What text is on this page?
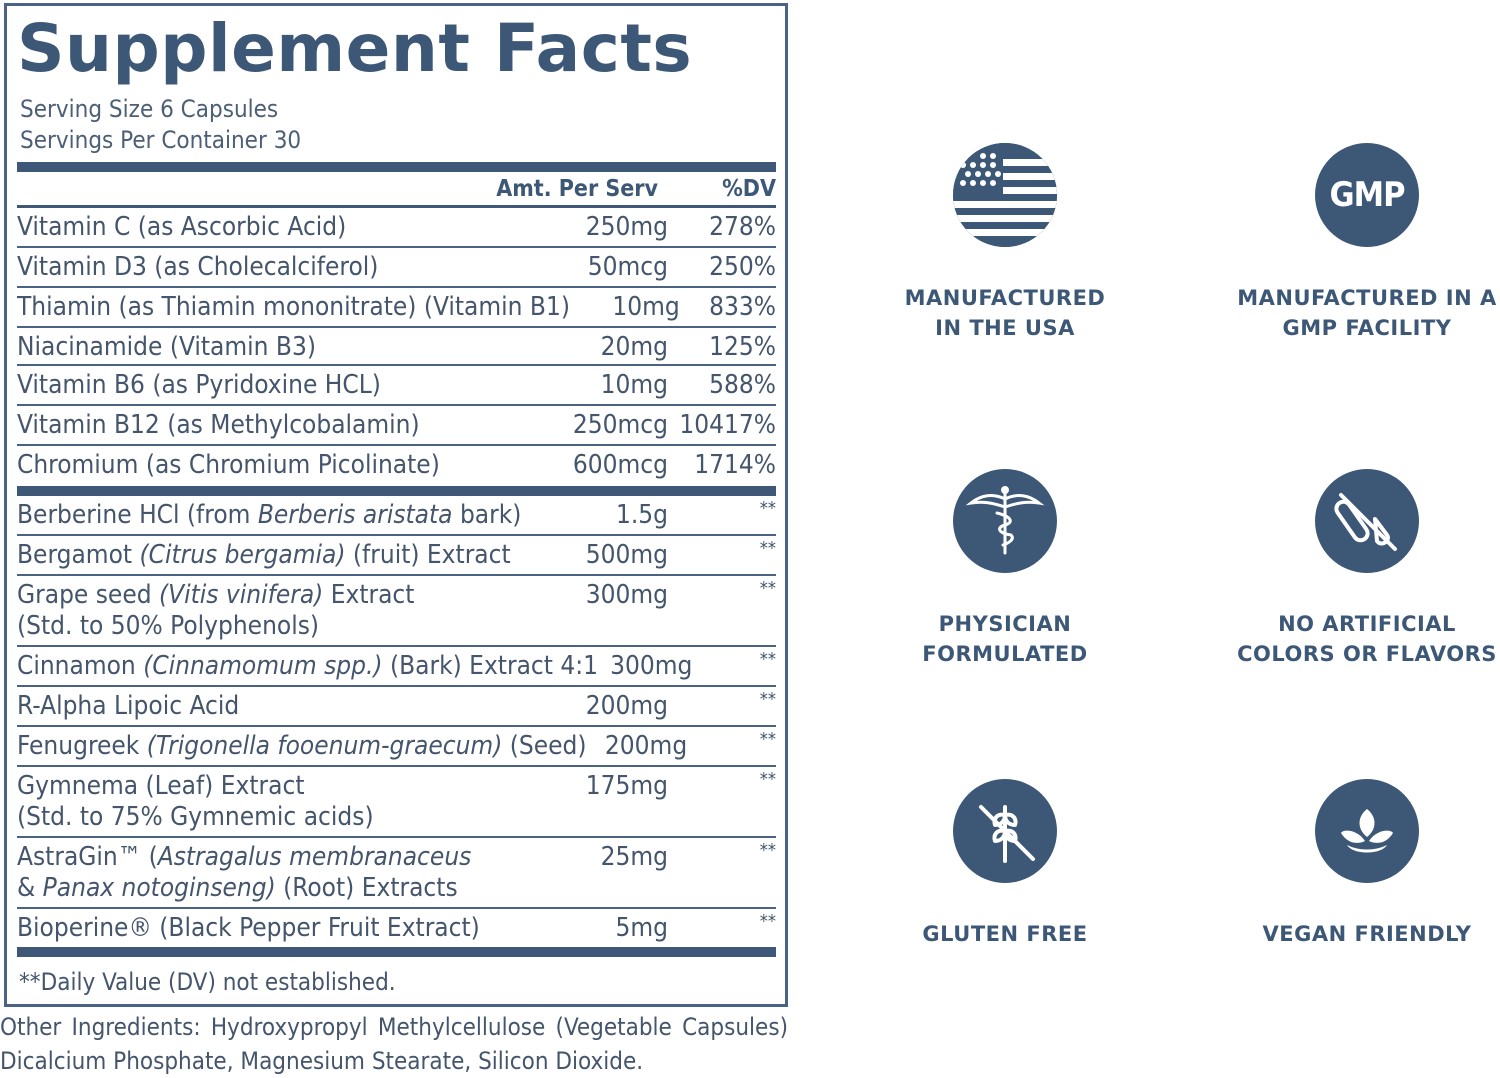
Supplement Facts
Serving Size 6 Capsules
Servings Per Container 30
Amt. Per Serv	%DV
Vitamin C (as Ascorbic Acid)	250mg	278%
Vitamin D3 (as Cholecalciferol)	50mcg	250%
Thiamin (as Thiamin mononitrate) (Vitamin B1)	10mg	833%
Niacinamide (Vitamin B3)	20mg	125%
Vitamin B6 (as Pyridoxine HCL)	10mg	588%
Vitamin B12 (as Methylcobalamin)	250mcg 10417%
Chromium (as Chromium Picolinate)	600mcg	1714%
Berberine HCl (from Berberis aristata bark)	1.5g	**
Bergamot (Citrus bergamia) (fruit) Extract	500mg	**
Grape seed (Vitis vinifera) Extract
(Std. to 50% Polyphenols)
300mg	**
Cinnamon (Cinnamomum spp.) (Bark) Extract 4:1 300mg	**
R-Alpha Lipoic Acid	200mg	**
Fenugreek (Trigonella fooenum-graecum) (Seed) 200mg	**
Gymnema (Leaf) Extract
(Std. to 75% Gymnemic acids)
175mg	**
AstraGin™ (Astragalus membranaceus
& Panax notoginseng) (Root) Extracts
25mg	**
Bioperine® (Black Pepper Fruit Extract)	5mg	**
**Daily Value (DV) not established.
Other Ingredients: Hydroxypropyl Methylcellulose (Vegetable Capsules)
Dicalcium Phosphate, Magnesium Stearate, Silicon Dioxide.
MANUFACTURED
IN THE USA
GMP
MANUFACTURED IN A
GMP FACILITY
PHYSICIAN
FORMULATED
NO ARTIFICIAL
COLORS OR FLAVORS
GLUTEN FREE	VEGAN FRIENDLY
